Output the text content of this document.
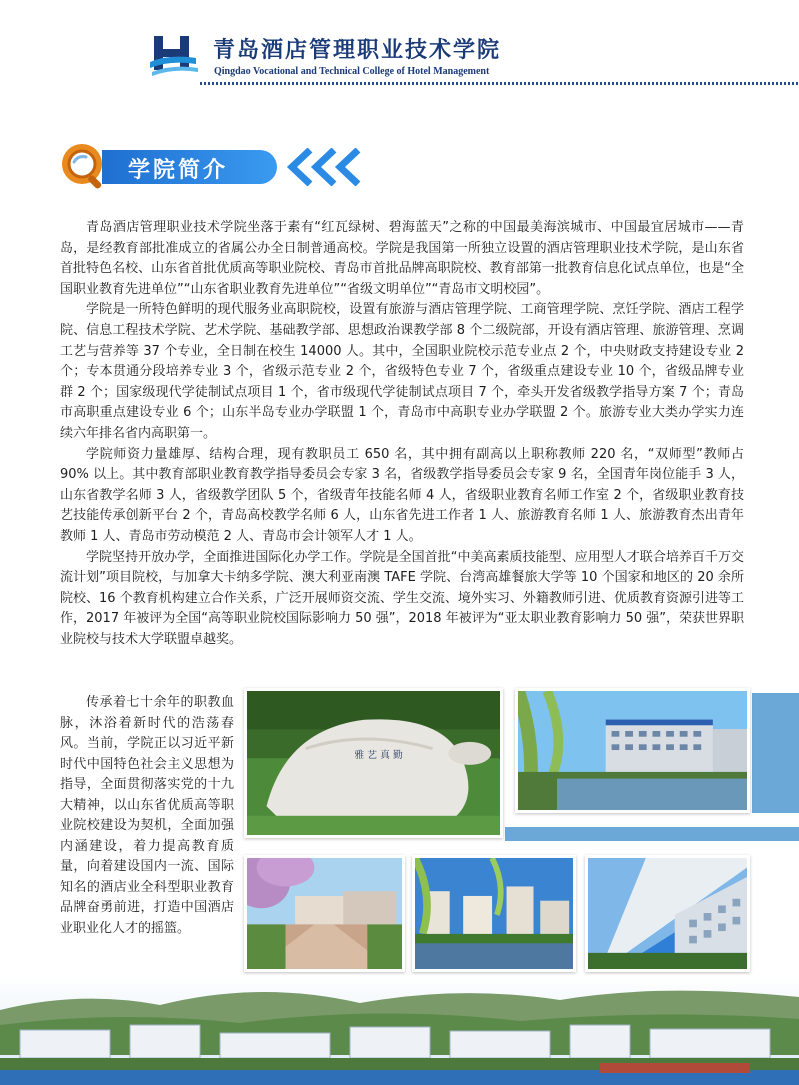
青岛酒店管理职业技术学院
Qingdao Vocational and Technical College of Hotel Management
学院简介

青岛酒店管理职业技术学院坐落于素有“红瓦绿树、碧海蓝天”之称的中国最美海滨城市、中国最宜居城市——青岛，是经教育部批准成立的省属公办全日制普通高校。学院是我国第一所独立设置的酒店管理职业技术学院，是山东省首批特色名校、山东省首批优质高等职业院校、青岛市首批品牌高职院校、教育部第一批教育信息化试点单位，也是“全国职业教育先进单位”“山东省职业教育先进单位”“省级文明单位”“青岛市文明校园”。

学院是一所特色鲜明的现代服务业高职院校，设置有旅游与酒店管理学院、工商管理学院、烹饪学院、酒店工程学院、信息工程技术学院、艺术学院、基础教学部、思想政治课教学部 8 个二级院部，开设有酒店管理、旅游管理、烹调工艺与营养等 37 个专业，全日制在校生 14000 人。其中，全国职业院校示范专业点 2 个，中央财政支持建设专业 2 个；专本贯通分段培养专业 3 个，省级示范专业 2 个，省级特色专业 7 个，省级重点建设专业 10 个，省级品牌专业群 2 个；国家级现代学徒制试点项目 1 个，省市级现代学徒制试点项目 7 个，牵头开发省级教学指导方案 7 个；青岛市高职重点建设专业 6 个；山东半岛专业办学联盟 1 个，青岛市中高职专业办学联盟 2 个。旅游专业大类办学实力连续六年排名省内高职第一。

学院师资力量雄厚、结构合理，现有教职员工 650 名，其中拥有副高以上职称教师 220 名，“双师型”教师占 90% 以上。其中教育部职业教育教学指导委员会专家 3 名，省级教学指导委员会专家 9 名，全国青年岗位能手 3 人，山东省教学名师 3 人，省级教学团队 5 个，省级青年技能名师 4 人，省级职业教育名师工作室 2 个，省级职业教育技艺技能传承创新平台 2 个，青岛高校教学名师 6 人，山东省先进工作者 1 人、旅游教育名师 1 人、旅游教育杰出青年教师 1 人、青岛市劳动模范 2 人、青岛市会计领军人才 1 人。

学院坚持开放办学，全面推进国际化办学工作。学院是全国首批“中美高素质技能型、应用型人才联合培养百千万交流计划”项目院校，与加拿大卡纳多学院、澳大利亚南澳 TAFE 学院、台湾高雄餐旅大学等 10 个国家和地区的 20 余所院校、16 个教育机构建立合作关系，广泛开展师资交流、学生交流、境外实习、外籍教师引进、优质教育资源引进等工作，2017 年被评为全国“高等职业院校国际影响力 50 强”，2018 年被评为“亚太职业教育影响力 50 强”，荣获世界职业院校与技术大学联盟卓越奖。

传承着七十余年的职教血脉，沐浴着新时代的浩荡春风。当前，学院正以习近平新时代中国特色社会主义思想为指导，全面贯彻落实党的十九大精神，以山东省优质高等职业院校建设为契机，全面加强内涵建设，着力提高教育质量，向着建设国内一流、国际知名的酒店业全科型职业教育品牌奋勇前进，打造中国酒店业职业化人才的摇篮。

雅 艺 真 勤
